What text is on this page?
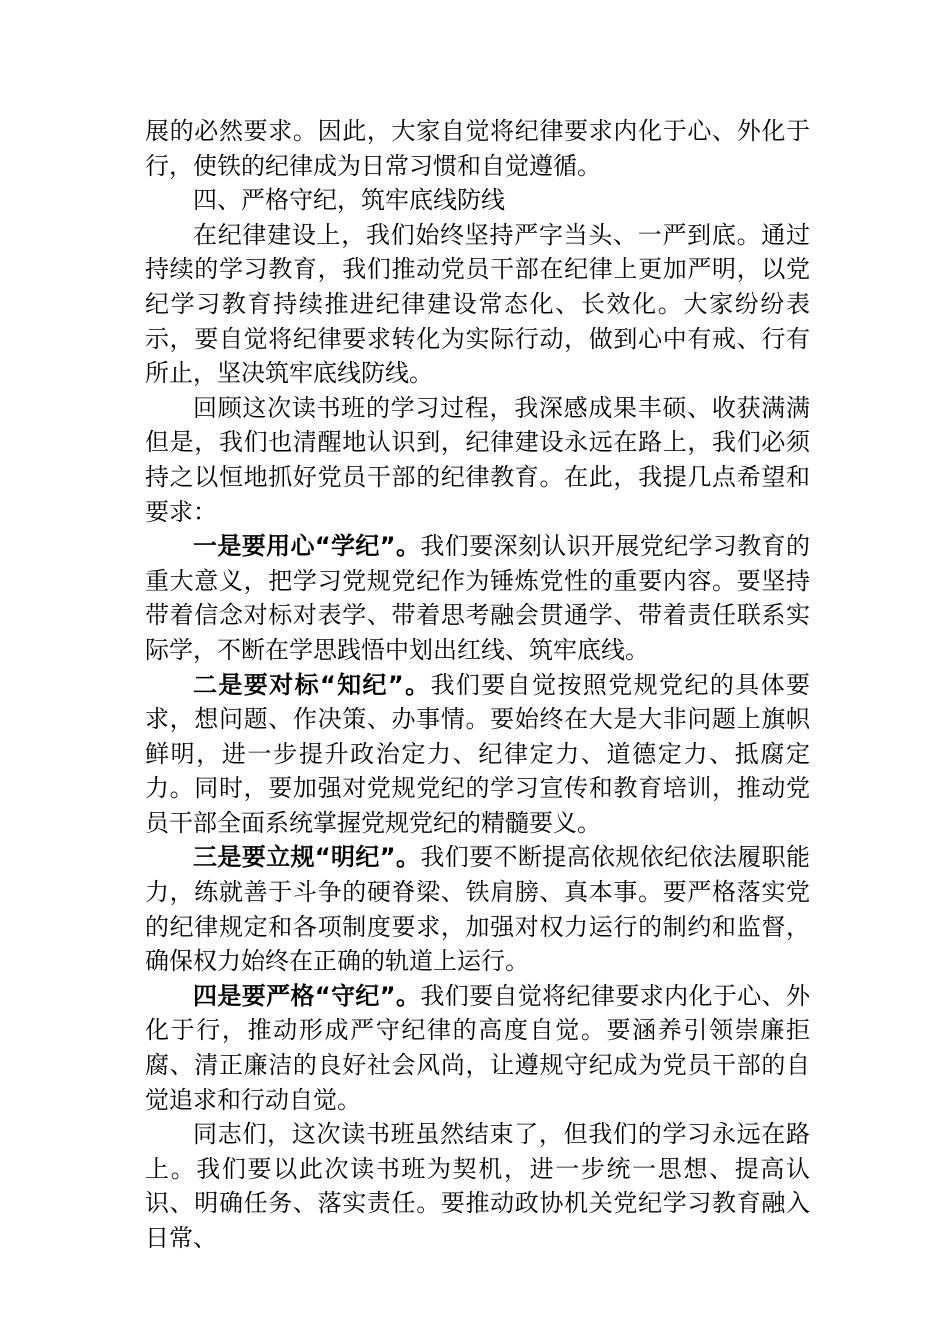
展的必然要求。因此，大家自觉将纪律要求内化于心、外化于行，使铁的纪律成为日常习惯和自觉遵循。

四、严格守纪，筑牢底线防线

在纪律建设上，我们始终坚持严字当头、一严到底。通过持续的学习教育，我们推动党员干部在纪律上更加严明，以党纪学习教育持续推进纪律建设常态化、长效化。大家纷纷表示，要自觉将纪律要求转化为实际行动，做到心中有戒、行有所止，坚决筑牢底线防线。

回顾这次读书班的学习过程，我深感成果丰硕、收获满满但是，我们也清醒地认识到，纪律建设永远在路上，我们必须持之以恒地抓好党员干部的纪律教育。在此，我提几点希望和要求：

一是要用心“学纪”。我们要深刻认识开展党纪学习教育的重大意义，把学习党规党纪作为锤炼党性的重要内容。要坚持带着信念对标对表学、带着思考融会贯通学、带着责任联系实际学，不断在学思践悟中划出红线、筑牢底线。

二是要对标“知纪”。我们要自觉按照党规党纪的具体要求，想问题、作决策、办事情。要始终在大是大非问题上旗帜鲜明，进一步提升政治定力、纪律定力、道德定力、抵腐定力。同时，要加强对党规党纪的学习宣传和教育培训，推动党员干部全面系统掌握党规党纪的精髓要义。

三是要立规“明纪”。我们要不断提高依规依纪依法履职能力，练就善于斗争的硬脊梁、铁肩膀、真本事。要严格落实党的纪律规定和各项制度要求，加强对权力运行的制约和监督，确保权力始终在正确的轨道上运行。

四是要严格“守纪”。我们要自觉将纪律要求内化于心、外化于行，推动形成严守纪律的高度自觉。要涵养引领崇廉拒腐、清正廉洁的良好社会风尚，让遵规守纪成为党员干部的自觉追求和行动自觉。

同志们，这次读书班虽然结束了，但我们的学习永远在路上。我们要以此次读书班为契机，进一步统一思想、提高认识、明确任务、落实责任。要推动政协机关党纪学习教育融入日常、
